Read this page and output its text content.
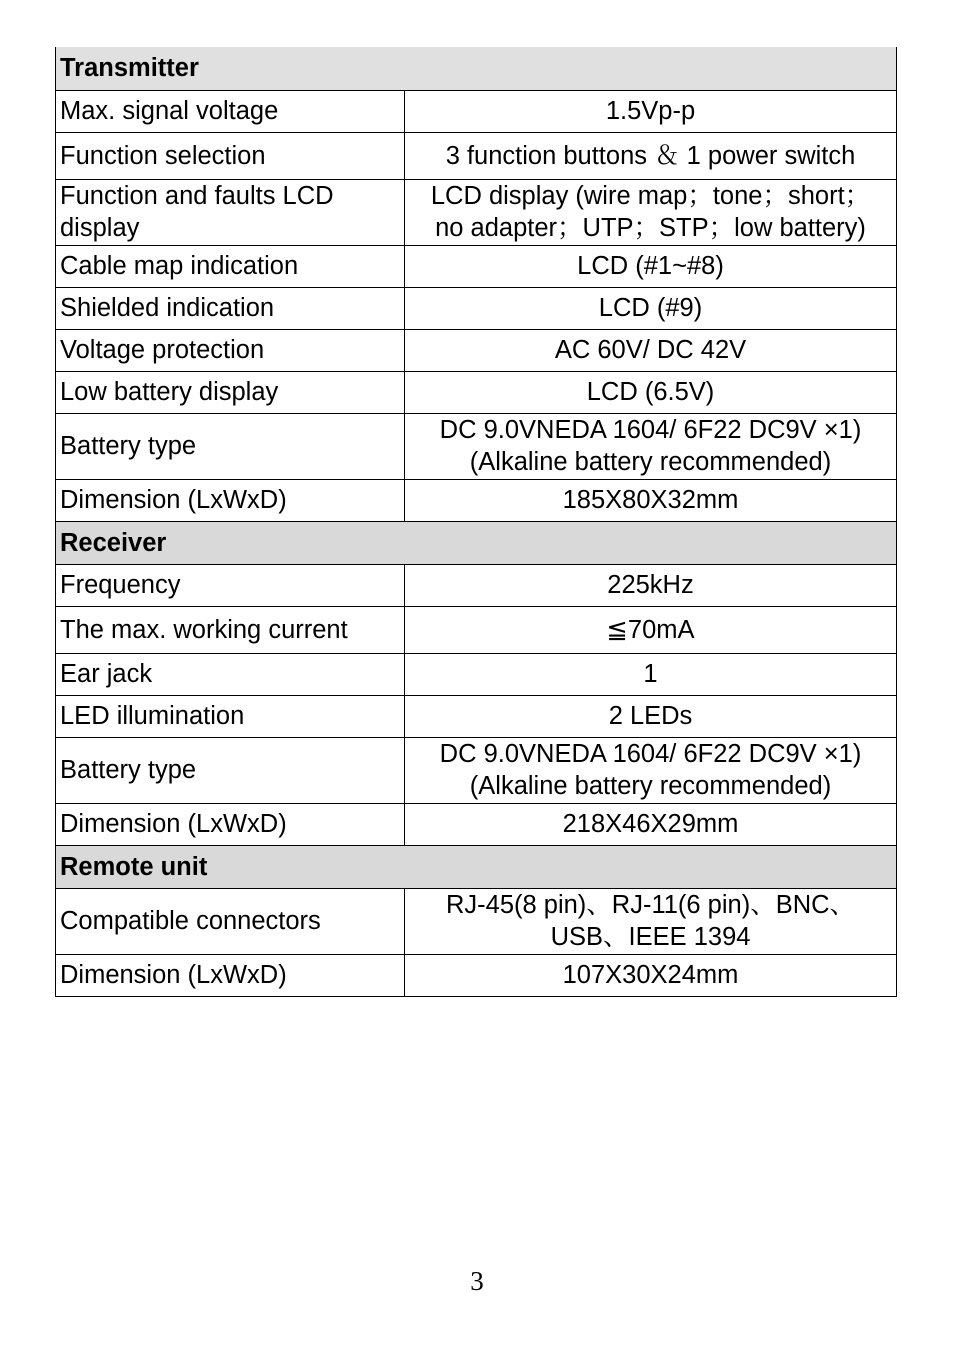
Transmitter	
Max. signal voltage	1.5Vp-p
Function selection	3 function buttons ＆ 1 power switch
Function and faults LCD display	LCD display (wire map；tone；short；
no adapter；UTP；STP；low battery)

Cable map indication	LCD (#1~#8)
Shielded indication	LCD (#9)
Voltage protection	AC 60V/ DC 42V
Low battery display	LCD (6.5V)
Battery type	DC 9.0VNEDA 1604/ 6F22 DC9V ×1)
(Alkaline battery recommended)

Dimension (LxWxD)	185X80X32mm
Receiver	
Frequency	225kHz
The max. working current	≦70mA
Ear jack	1
LED illumination	2 LEDs
Battery type	DC 9.0VNEDA 1604/ 6F22 DC9V ×1)
(Alkaline battery recommended)

Dimension (LxWxD)	218X46X29mm
Remote unit	
Compatible connectors	RJ-45(8 pin)、RJ-11(6 pin)、BNC、
USB、IEEE 1394

Dimension (LxWxD)	107X30X24mm
3
